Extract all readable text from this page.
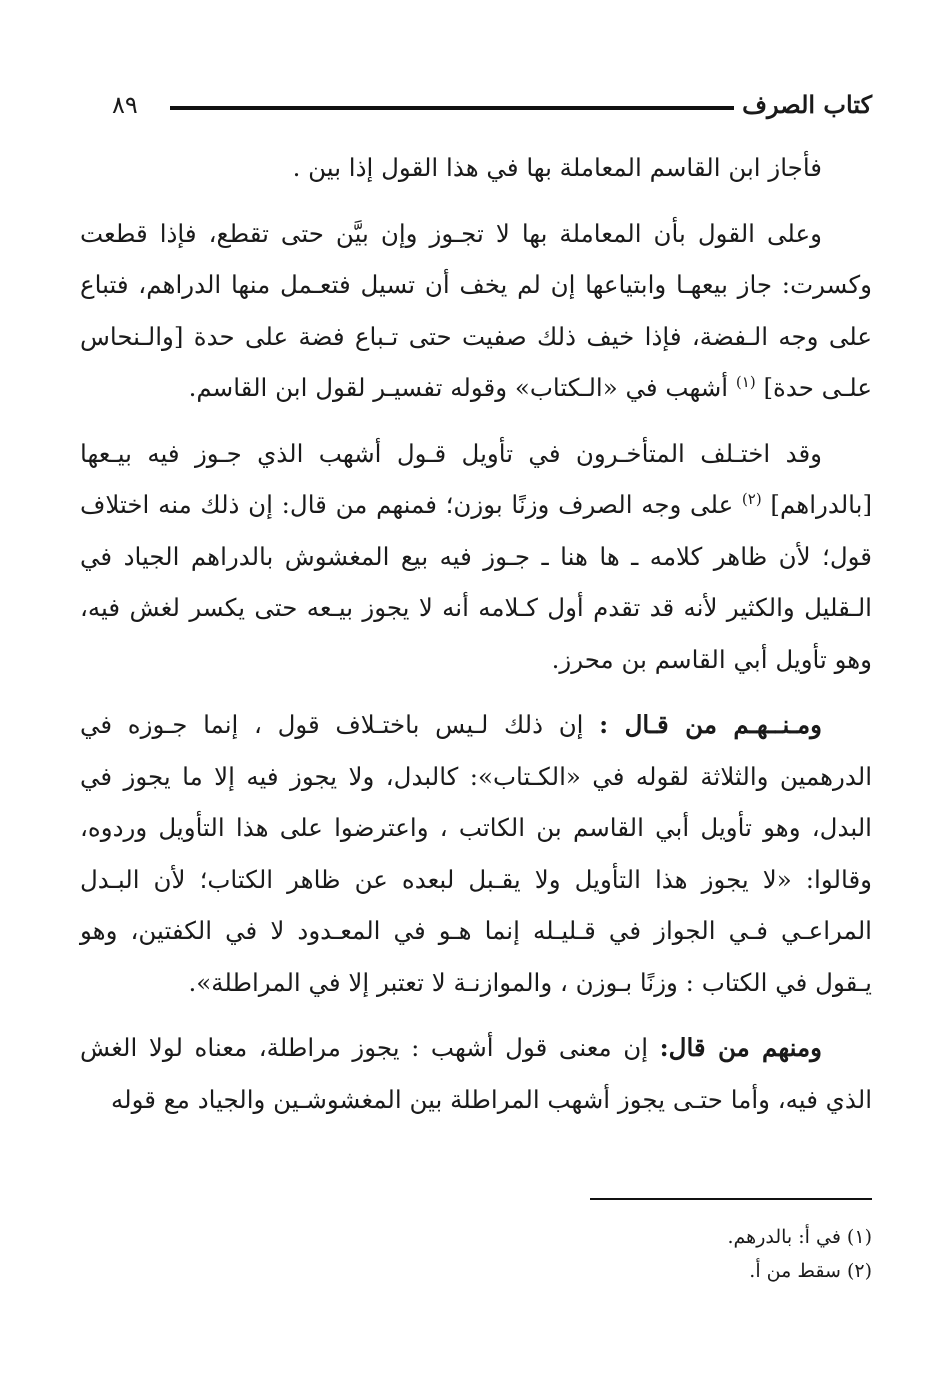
كتاب الصرف
٨٩

فأجاز ابن القاسم المعاملة بها في هذا القول إذا بين .

وعلى القول بأن المعاملة بها لا تجـوز وإن بيَّن حتى تقطع، فإذا قطعت وكسرت: جاز بيعهـا وابتياعها إن لم يخف أن تسيل فتعـمل منها الدراهم، فتباع على وجه الـفضة، فإذا خيف ذلك صفيت حتى تـباع فضة على حدة [والـنحاس علـى حدة] $^{(١)}$ أشهب في «الـكتاب» وقوله تفسيـر لقول ابن القاسم.

وقد اختـلف المتأخـرون في تأويل قـول أشهب الذي جـوز فيه بيـعها [بالدراهم] $^{(٢)}$ على وجه الصرف وزنًا بوزن؛ فمنهم من قال: إن ذلك منه اختلاف قول؛ لأن ظاهر كلامه ـ ها هنا ـ جـوز فيه بيع المغشوش بالدراهم الجياد في الـقليل والكثير لأنه قد تقدم أول كـلامه أنه لا يجوز بيـعه حتى يكسر لغش فيه، وهو تأويل أبي القاسم بن محرز.

ومـنــهـم من قـال : إن ذلك لـيس باختـلاف قول ، إنما جـوزه في الدرهمين والثلاثة لقوله في «الكـتاب»: كالبدل، ولا يجوز فيه إلا ما يجوز في البدل، وهو تأويل أبي القاسم بن الكاتب ، واعترضوا على هذا التأويل وردوه، وقالوا: «لا يجوز هذا التأويل ولا يقـبل لبعده عن ظاهر الكتاب؛ لأن البـدل المراعـي فـي الجواز في قـليـله إنما هـو في المعـدود لا في الكفتين، وهو يـقول في الكتاب : وزنًا بـوزن ، والموازنـة لا تعتبر إلا في المراطلة».

ومنهم من قال: إن معنى قول أشهب : يجوز مراطلة، معناه لولا الغش الذي فيه، وأما حتـى يجوز أشهب المراطلة بين المغشوشـين والجياد مع قوله

(١) في أ: بالدرهم.

(٢) سقط من أ.
